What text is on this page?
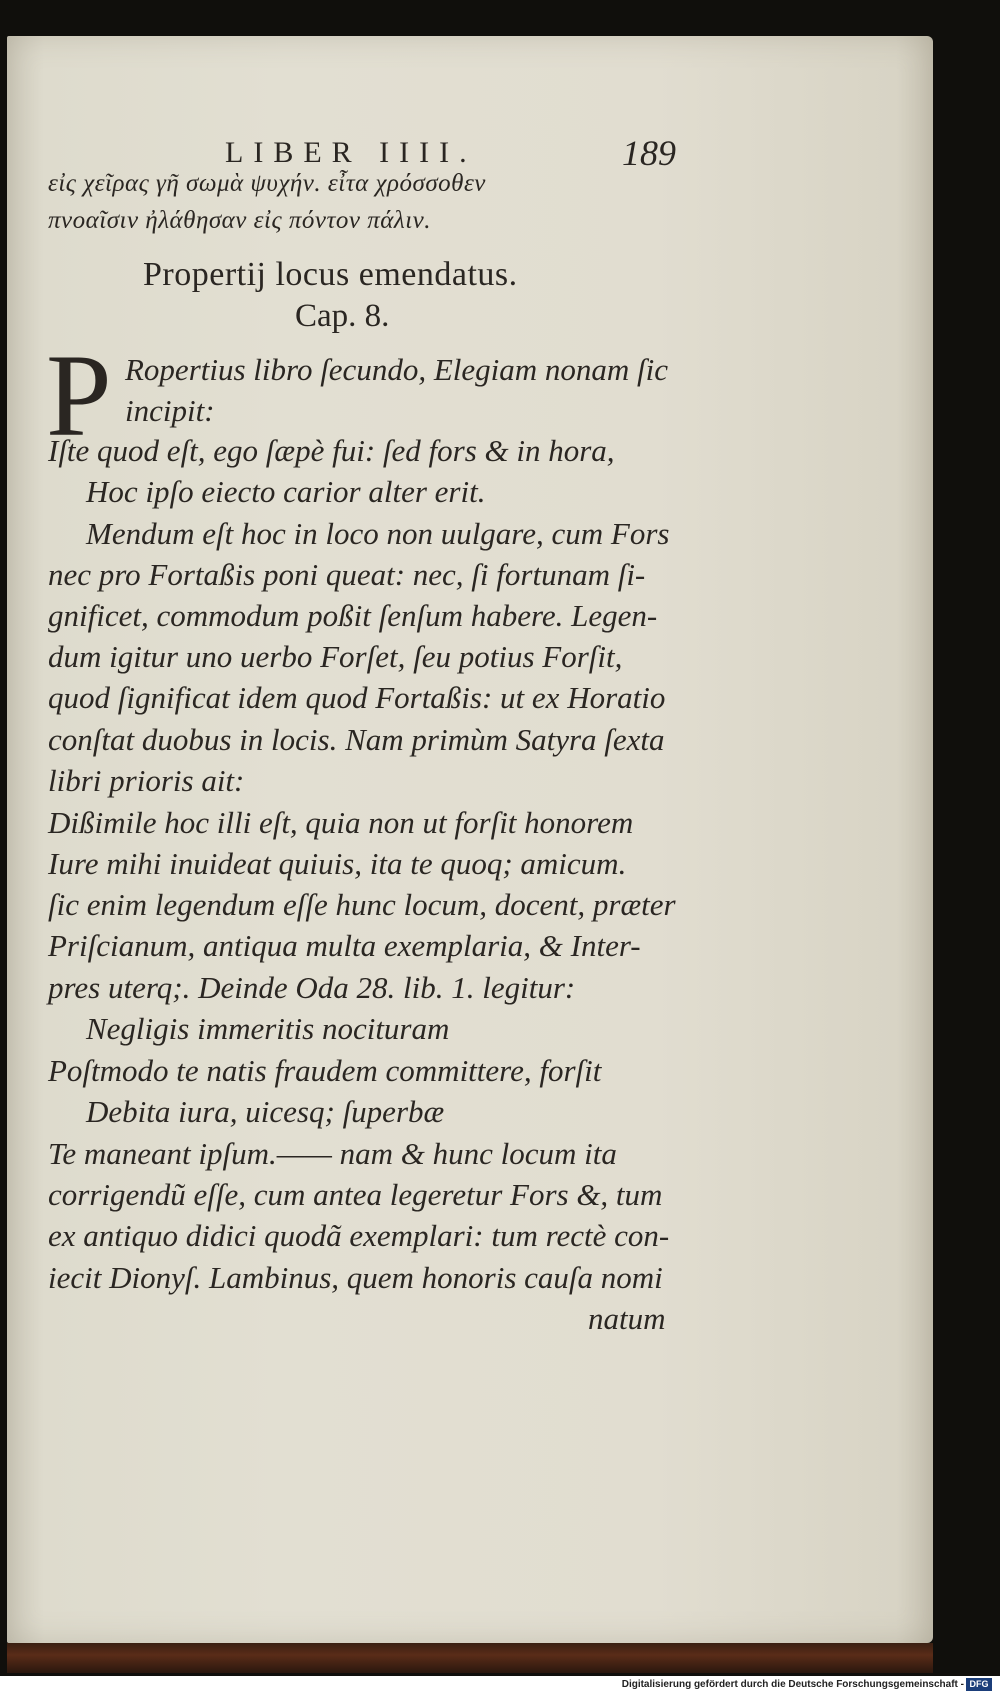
LIBER IIII.	189
εἰς χεῖρας γῆ σωμὰ ψυχήν. εἶτα χρόσσοθεν
πνοαῖσιν ἠλάθησαν εἰς πόντον πάλιν.
Propertij locus emendatus.
Cap. 8.
P Ropertius libro ſecundo, Elegiam nonam ſic
incipit:
Iſte quod eſt, ego ſæpè fui: ſed fors & in hora,
Hoc ipſo eiecto carior alter erit.
Mendum eſt hoc in loco non uulgare, cum Fors
nec pro Fortaßis poni queat: nec, ſi fortunam ſi-
gnificet, commodum poßit ſenſum habere. Legen-
dum igitur uno uerbo Forſet, ſeu potius Forſit,
quod ſignificat idem quod Fortaßis: ut ex Horatio
conſtat duobus in locis. Nam primùm Satyra ſexta
libri prioris ait:
Dißimile hoc illi eſt, quia non ut forſit honorem
Iure mihi inuideat quiuis, ita te quoq; amicum.
ſic enim legendum eſſe hunc locum, docent, præter
Priſcianum, antiqua multa exemplaria, & Inter-
pres uterq;. Deinde Oda 28. lib. 1. legitur:
Negligis immeritis nocituram
Poſtmodo te natis fraudem committere, forſit
Debita iura, uicesq; ſuperbæ
Te maneant ipſum.—— nam & hunc locum ita
corrigendũ eſſe, cum antea legeretur Fors &, tum
ex antiquo didici quodã exemplari: tum rectè con-
iecit Dionyſ. Lambinus, quem honoris cauſa nomi
natum
Digitalisierung gefördert durch die Deutsche Forschungsgemeinschaft - DFG
